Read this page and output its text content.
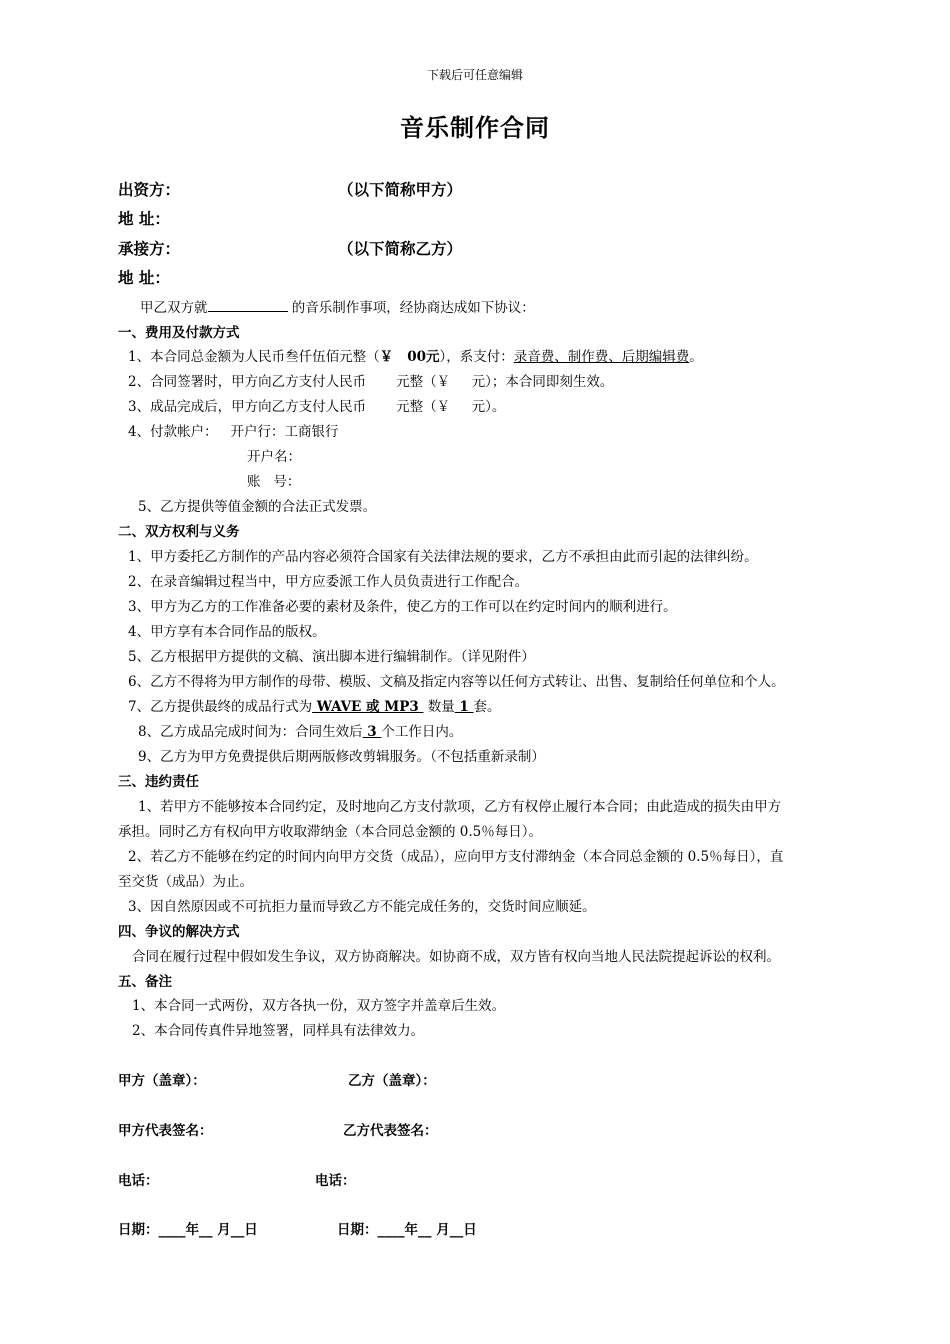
下载后可任意编辑
音乐制作合同
出资方：	（以下简称甲方）
地 址：
承接方：	（以下简称乙方）
地 址：
甲乙双方就	的音乐制作事项，经协商达成如下协议：
一、费用及付款方式
1、本合同总金额为人民币叁仟伍佰元整（￥   00元），系支付：录音费、制作费、后期编辑费。
2、合同签署时，甲方向乙方支付人民币       元整（￥     元）；本合同即刻生效。
3、成品完成后，甲方向乙方支付人民币       元整（￥     元）。
4、付款帐户：   开户行：工商银行
开户名：
账   号：
5、乙方提供等值金额的合法正式发票。
二、双方权利与义务
1、甲方委托乙方制作的产品内容必须符合国家有关法律法规的要求，乙方不承担由此而引起的法律纠纷。
2、在录音编辑过程当中，甲方应委派工作人员负责进行工作配合。
3、甲方为乙方的工作准备必要的素材及条件，使乙方的工作可以在约定时间内的顺利进行。
4、甲方享有本合同作品的版权。
5、乙方根据甲方提供的文稿、演出脚本进行编辑制作。（详见附件）
6、乙方不得将为甲方制作的母带、模版、文稿及指定内容等以任何方式转让、出售、复制给任何单位和个人。
7、乙方提供最终的成品行式为 WAVE 或 MP3  数量 1 套。
8、乙方成品完成时间为：合同生效后 3 个工作日内。
9、乙方为甲方免费提供后期两版修改剪辑服务。（不包括重新录制）
三、违约责任
1、若甲方不能够按本合同约定，及时地向乙方支付款项，乙方有权停止履行本合同；由此造成的损失由甲方
承担。同时乙方有权向甲方收取滞纳金（本合同总金额的 0.5％每日）。
2、若乙方不能够在约定的时间内向甲方交货（成品），应向甲方支付滞纳金（本合同总金额的 0.5％每日），直
至交货（成品）为止。
3、因自然原因或不可抗拒力量而导致乙方不能完成任务的，交货时间应顺延。
四、争议的解决方式
合同在履行过程中假如发生争议，双方协商解决。如协商不成，双方皆有权向当地人民法院提起诉讼的权利。
五、备注
1、本合同一式两份，双方各执一份，双方签字并盖章后生效。
2、本合同传真件异地签署，同样具有法律效力。
甲方（盖章）：	乙方（盖章）：
甲方代表签名：	乙方代表签名：
电话：	电话：
日期：____年__ 月__日	日期：____年__ 月__日
